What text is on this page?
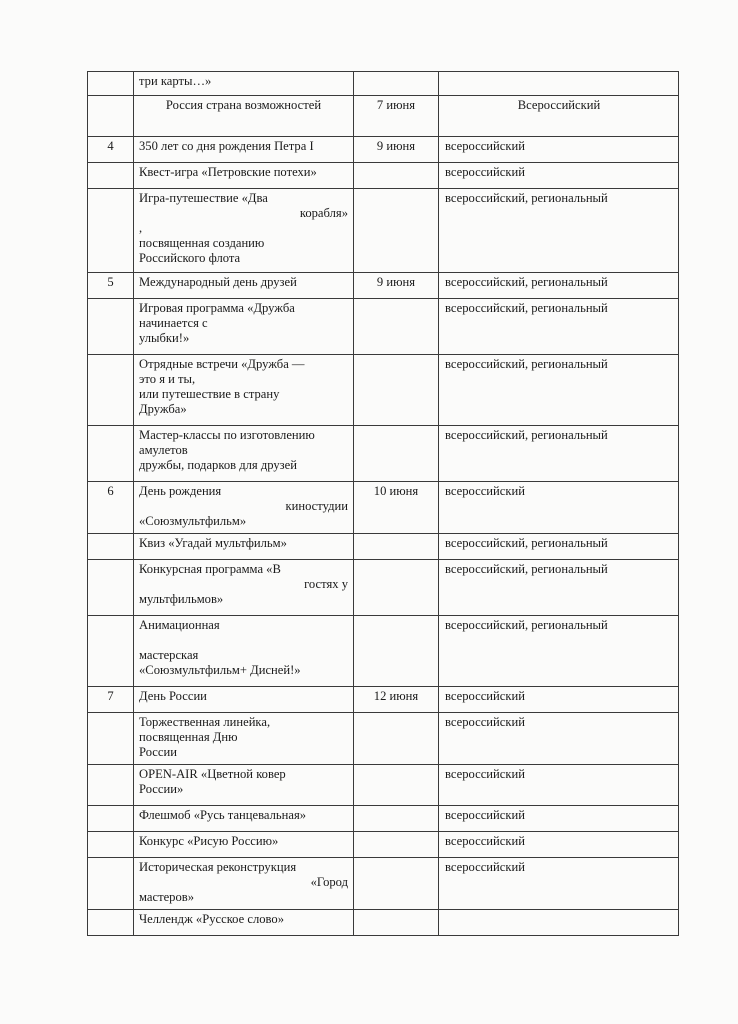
	три карты…»		

	Россия страна возможностей	7 июня	Всероссийский
4	350 лет со дня рождения Петра I	9 июня	всероссийский

	Квест-игра «Петровские потехи»		всероссийский

	Игра-путешествие «Два
корабля»
,
посвященная созданию
Российского флота		всероссийский, региональный
5	Международный день друзей	9 июня	всероссийский, региональный

	Игровая программа «Дружба
начинается с
улыбки!»		всероссийский, региональный

	Отрядные встречи «Дружба —
это я и ты,
или путешествие в страну
Дружба»		всероссийский, региональный

	Мастер-классы по изготовлению
амулетов
дружбы, подарков для друзей		всероссийский, региональный
6	День рождения
киностудии
«Союзмультфильм»	10 июня	всероссийский

	Квиз «Угадай мультфильм»		всероссийский, региональный

	Конкурсная программа «В
гостях у
мультфильмов»		всероссийский, региональный

	Анимационная

мастерская
«Союзмультфильм+ Дисней!»		всероссийский, региональный
7	День России	12 июня	всероссийский

	Торжественная линейка,
посвященная Дню
России		всероссийский

	OPEN-AIR «Цветной ковер
России»		всероссийский

	Флешмоб «Русь танцевальная»		всероссийский

	Конкурс «Рисую Россию»		всероссийский

	Историческая реконструкция
«Город
мастеров»		всероссийский

	Челлендж «Русское слово»		
